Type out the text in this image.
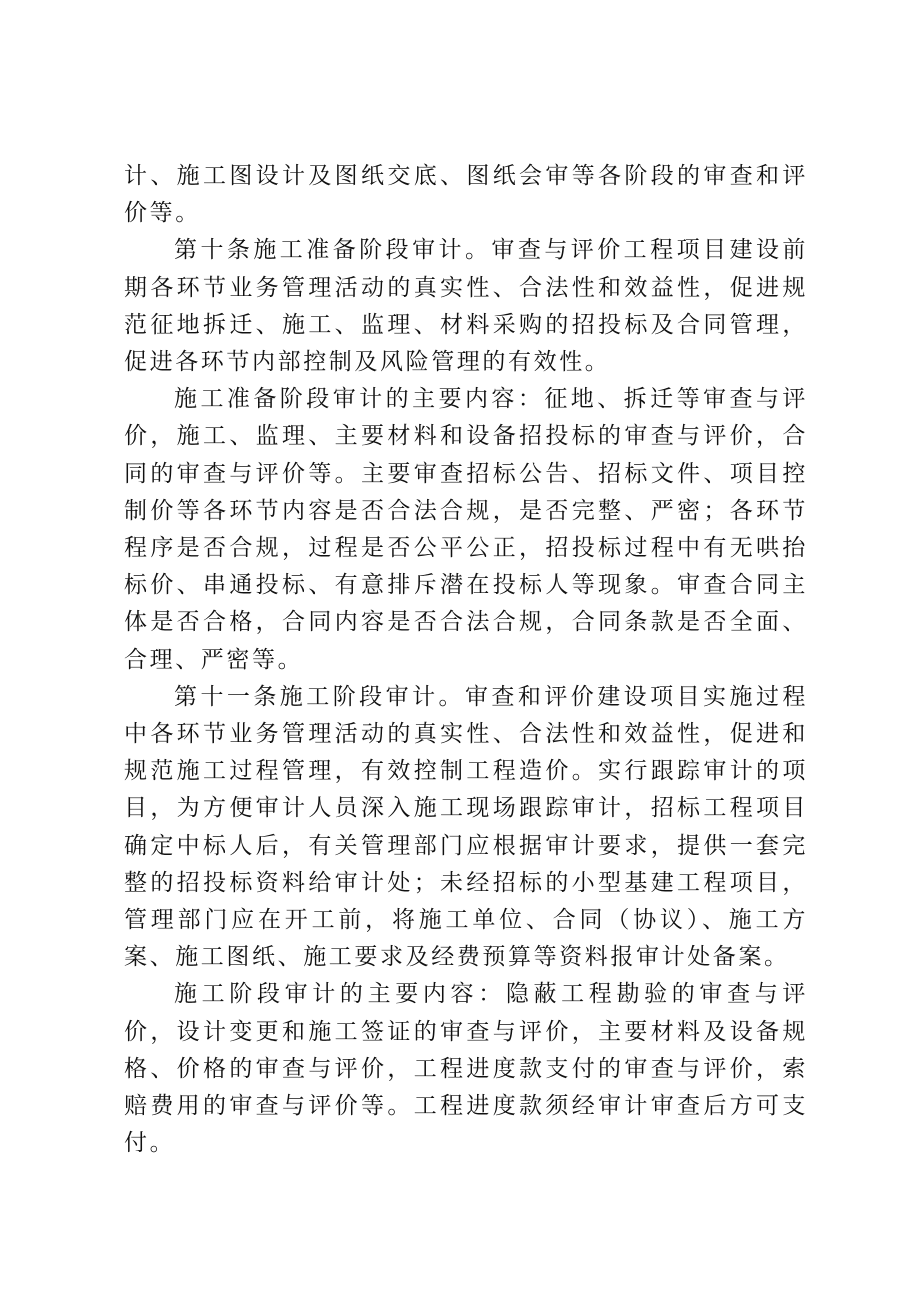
计、施工图设计及图纸交底、图纸会审等各阶段的审查和评价等。

第十条施工准备阶段审计。审查与评价工程项目建设前期各环节业务管理活动的真实性、合法性和效益性，促进规范征地拆迁、施工、监理、材料采购的招投标及合同管理，促进各环节内部控制及风险管理的有效性。

施工准备阶段审计的主要内容：征地、拆迁等审查与评价，施工、监理、主要材料和设备招投标的审查与评价，合同的审查与评价等。主要审查招标公告、招标文件、项目控制价等各环节内容是否合法合规，是否完整、严密；各环节程序是否合规，过程是否公平公正，招投标过程中有无哄抬标价、串通投标、有意排斥潜在投标人等现象。审查合同主体是否合格，合同内容是否合法合规，合同条款是否全面、合理、严密等。

第十一条施工阶段审计。审查和评价建设项目实施过程中各环节业务管理活动的真实性、合法性和效益性，促进和规范施工过程管理，有效控制工程造价。实行跟踪审计的项目，为方便审计人员深入施工现场跟踪审计，招标工程项目确定中标人后，有关管理部门应根据审计要求，提供一套完整的招投标资料给审计处；未经招标的小型基建工程项目，管理部门应在开工前，将施工单位、合同（协议）、施工方案、施工图纸、施工要求及经费预算等资料报审计处备案。

施工阶段审计的主要内容：隐蔽工程勘验的审查与评价，设计变更和施工签证的审查与评价，主要材料及设备规格、价格的审查与评价，工程进度款支付的审查与评价，索赔费用的审查与评价等。工程进度款须经审计审查后方可支付。
